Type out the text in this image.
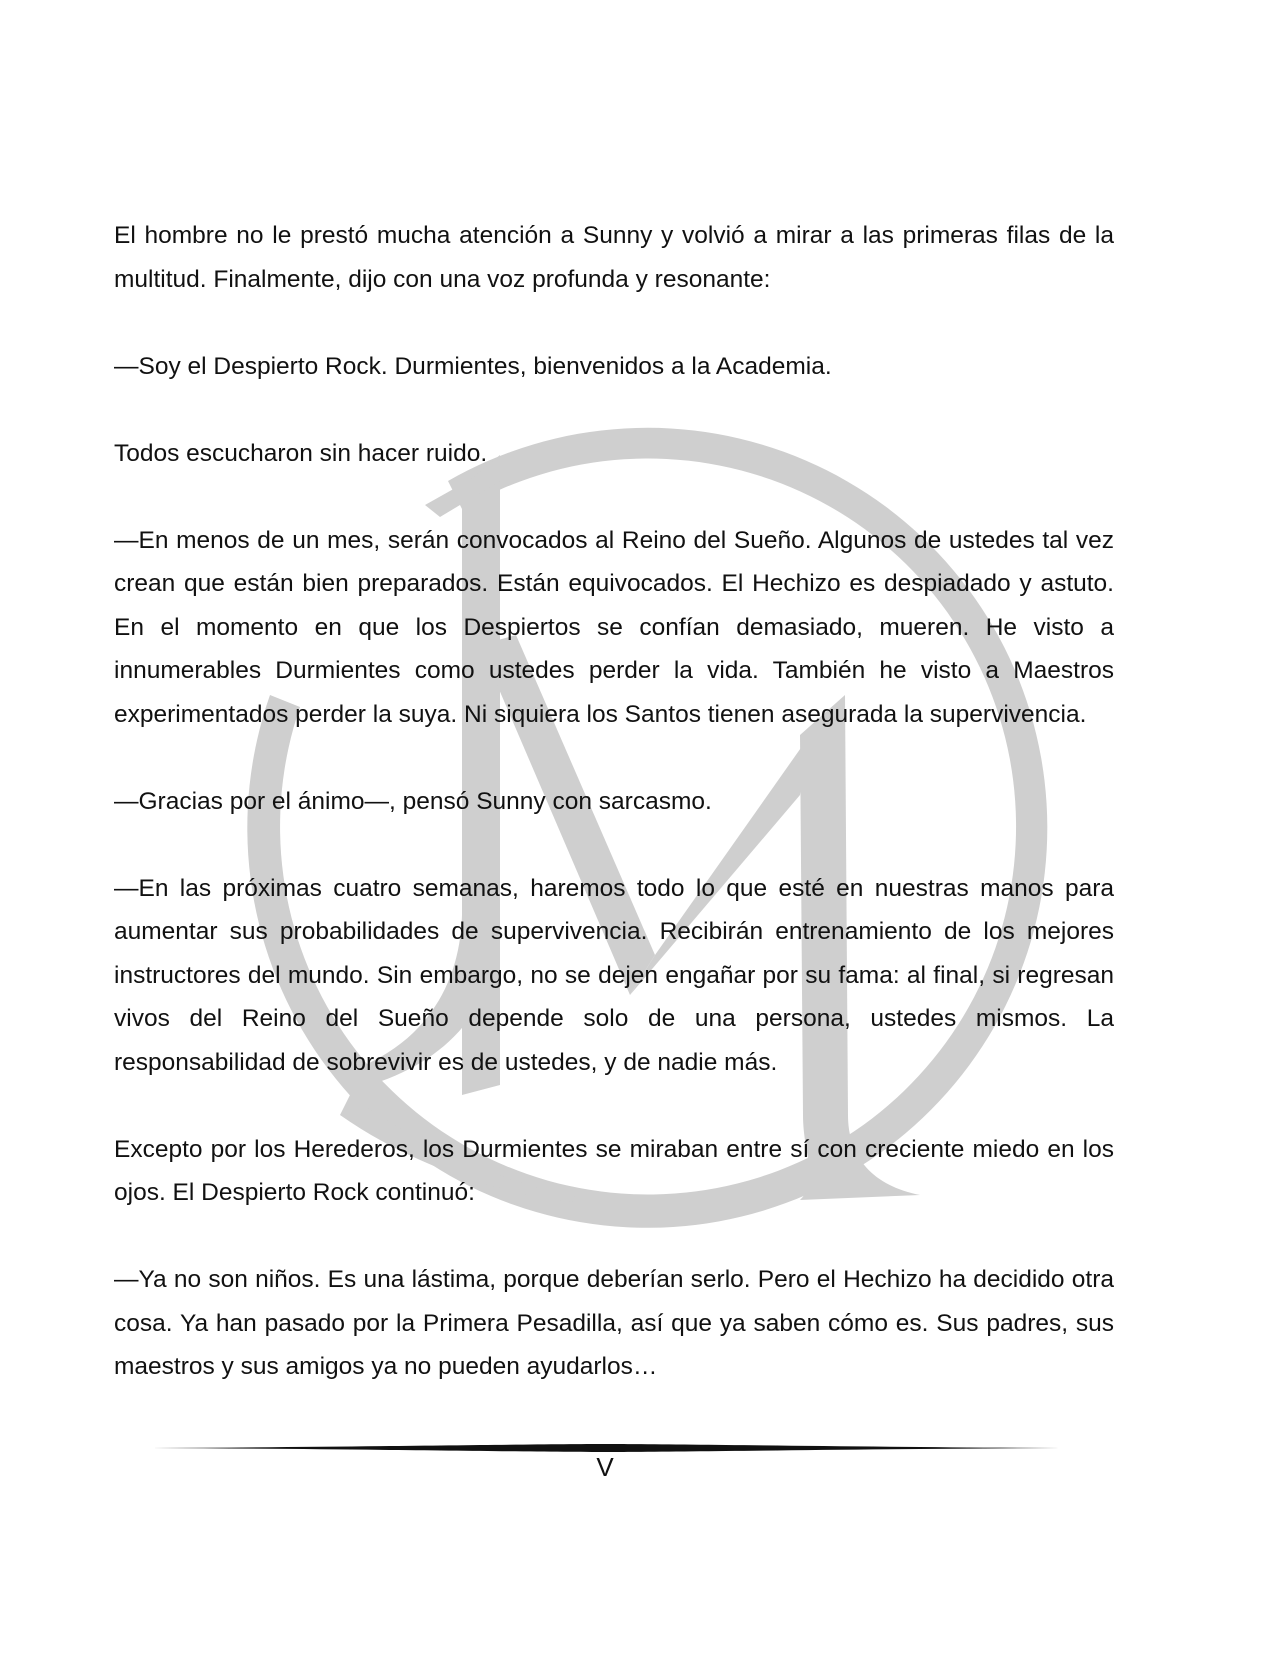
El hombre no le prestó mucha atención a Sunny y volvió a mirar a las primeras filas de la multitud. Finalmente, dijo con una voz profunda y resonante:

—Soy el Despierto Rock. Durmientes, bienvenidos a la Academia.

Todos escucharon sin hacer ruido.

—En menos de un mes, serán convocados al Reino del Sueño. Algunos de ustedes tal vez crean que están bien preparados. Están equivocados. El Hechizo es despiadado y astuto. En el momento en que los Despiertos se confían demasiado, mueren. He visto a innumerables Durmientes como ustedes perder la vida. También he visto a Maestros experimentados perder la suya. Ni siquiera los Santos tienen asegurada la supervivencia.

—Gracias por el ánimo—, pensó Sunny con sarcasmo.

—En las próximas cuatro semanas, haremos todo lo que esté en nuestras manos para aumentar sus probabilidades de supervivencia. Recibirán entrenamiento de los mejores instructores del mundo. Sin embargo, no se dejen engañar por su fama: al final, si regresan vivos del Reino del Sueño depende solo de una persona, ustedes mismos. La responsabilidad de sobrevivir es de ustedes, y de nadie más.

Excepto por los Herederos, los Durmientes se miraban entre sí con creciente miedo en los ojos. El Despierto Rock continuó:

—Ya no son niños. Es una lástima, porque deberían serlo. Pero el Hechizo ha decidido otra cosa. Ya han pasado por la Primera Pesadilla, así que ya saben cómo es. Sus padres, sus maestros y sus amigos ya no pueden ayudarlos…

V
